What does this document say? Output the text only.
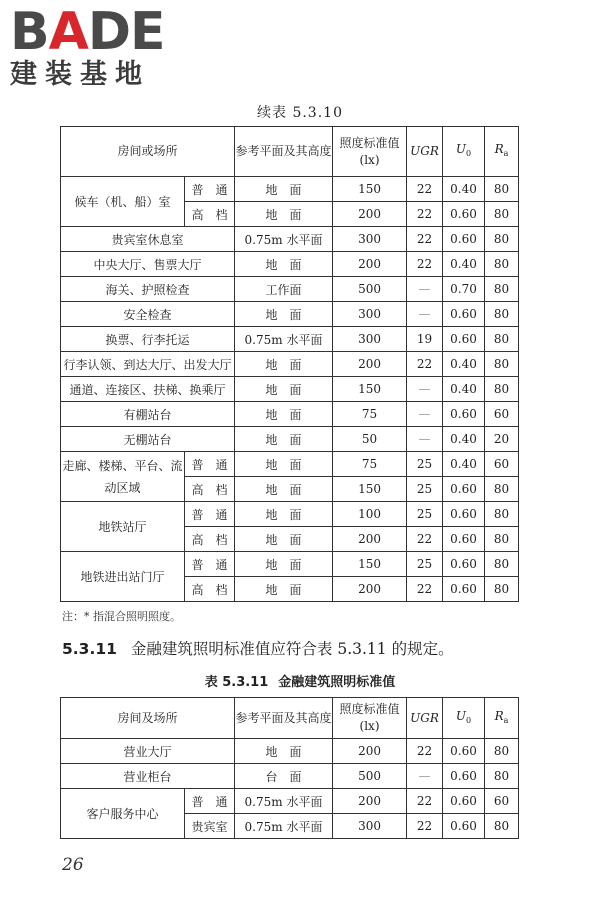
BADE
建装基地
续表 5.3.10
房间或场所		参考平面及其高度	照度标准值(lx)	UGR	$U_0$	$R_a$
候车（机、船）室	普　通	地　面	150	22	0.40	80
	高　档	地　面	200	22	0.60	80
贵宾室休息室		0.75m 水平面	300	22	0.60	80
中央大厅、售票大厅		地　面	200	22	0.40	80
海关、护照检查		工作面	500	—	0.70	80
安全检查		地　面	300	—	0.60	80
换票、行李托运		0.75m 水平面	300	19	0.60	80
行李认领、到达大厅、出发大厅		地　面	200	22	0.40	80
通道、连接区、扶梯、换乘厅		地　面	150	—	0.40	80
有棚站台		地　面	75	—	0.60	60
无棚站台		地　面	50	—	0.40	20
走廊、楼梯、平台、流动区域	普　通	地　面	75	25	0.40	60
	高　档	地　面	150	25	0.60	80
地铁站厅	普　通	地　面	100	25	0.60	80
	高　档	地　面	200	22	0.60	80
地铁进出站门厅	普　通	地　面	150	25	0.60	80
	高　档	地　面	200	22	0.60	80
注：* 指混合照明照度。
5.3.11 金融建筑照明标准值应符合表 5.3.11 的规定。
表 5.3.11 金融建筑照明标准值
房间及场所		参考平面及其高度	照度标准值(lx)	UGR	$U_0$	$R_a$
营业大厅		地　面	200	22	0.60	80
营业柜台		台　面	500	—	0.60	80
客户服务中心	普　通	0.75m 水平面	200	22	0.60	60
	贵宾室	0.75m 水平面	300	22	0.60	80
26
